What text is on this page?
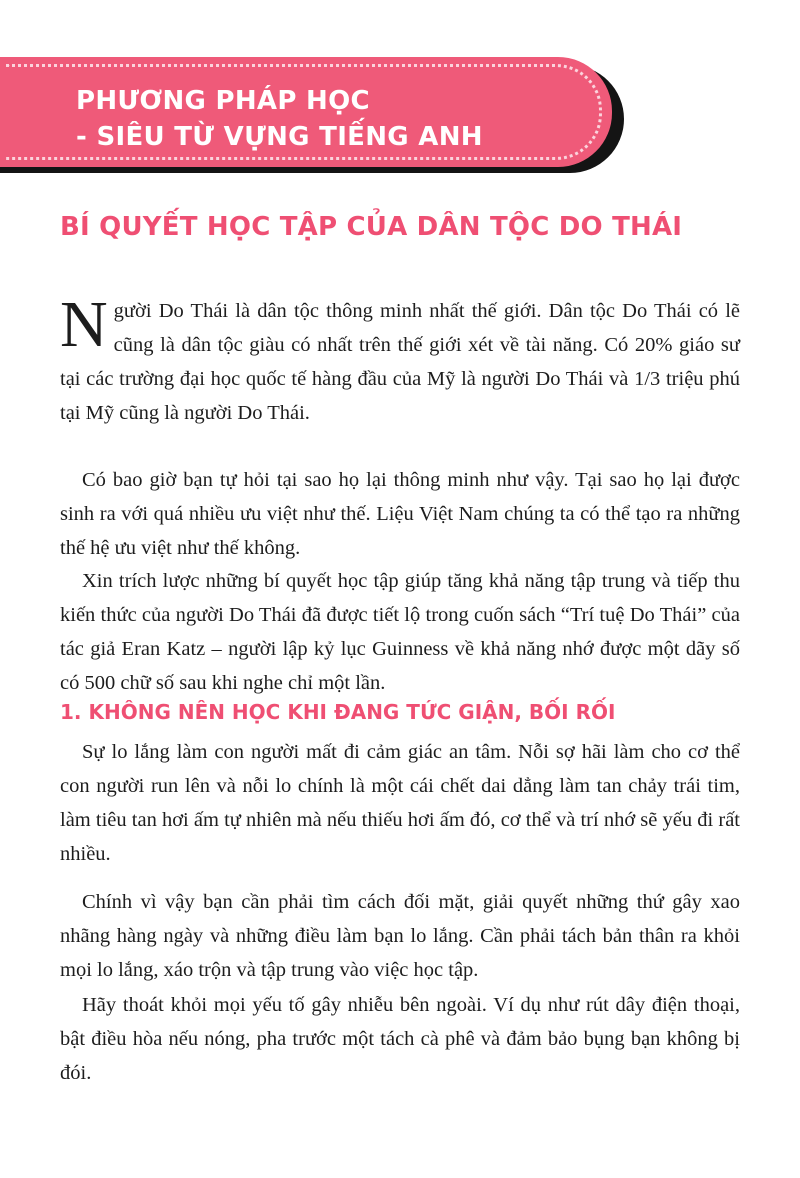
PHƯƠNG PHÁP HỌC
- SIÊU TỪ VỰNG TIẾNG ANH
BÍ QUYẾT HỌC TẬP CỦA DÂN TỘC DO THÁI

Người Do Thái là dân tộc thông minh nhất thế giới. Dân tộc Do Thái có lẽ cũng là dân tộc giàu có nhất trên thế giới xét về tài năng. Có 20% giáo sư tại các trường đại học quốc tế hàng đầu của Mỹ là người Do Thái và 1/3 triệu phú tại Mỹ cũng là người Do Thái.

Có bao giờ bạn tự hỏi tại sao họ lại thông minh như vậy. Tại sao họ lại được sinh ra với quá nhiều ưu việt như thế. Liệu Việt Nam chúng ta có thể tạo ra những thế hệ ưu việt như thế không.

Xin trích lược những bí quyết học tập giúp tăng khả năng tập trung và tiếp thu kiến thức của người Do Thái đã được tiết lộ trong cuốn sách “Trí tuệ Do Thái” của tác giả Eran Katz – người lập kỷ lục Guinness về khả năng nhớ được một dãy số có 500 chữ số sau khi nghe chỉ một lần.

1. KHÔNG NÊN HỌC KHI ĐANG TỨC GIẬN, BỐI RỐI

Sự lo lắng làm con người mất đi cảm giác an tâm. Nỗi sợ hãi làm cho cơ thể con người run lên và nỗi lo chính là một cái chết dai dẳng làm tan chảy trái tim, làm tiêu tan hơi ấm tự nhiên mà nếu thiếu hơi ấm đó, cơ thể và trí nhớ sẽ yếu đi rất nhiều.

Chính vì vậy bạn cần phải tìm cách đối mặt, giải quyết những thứ gây xao nhãng hàng ngày và những điều làm bạn lo lắng. Cần phải tách bản thân ra khỏi mọi lo lắng, xáo trộn và tập trung vào việc học tập.

Hãy thoát khỏi mọi yếu tố gây nhiễu bên ngoài. Ví dụ như rút dây điện thoại, bật điều hòa nếu nóng, pha trước một tách cà phê và đảm bảo bụng bạn không bị đói.
